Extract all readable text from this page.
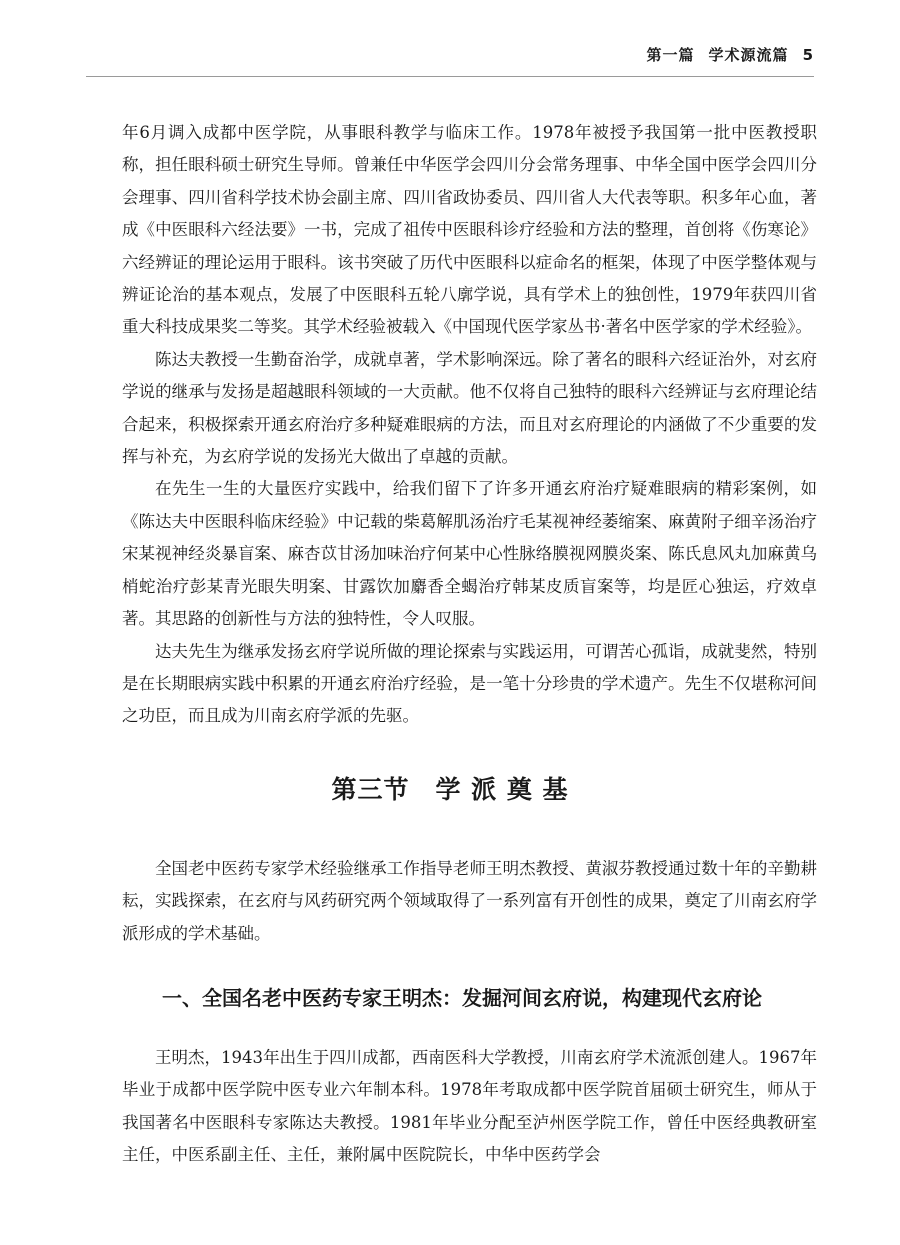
第一篇 学术源流篇 5

年6月调入成都中医学院，从事眼科教学与临床工作。1978年被授予我国第一批中医教授职称，担任眼科硕士研究生导师。曾兼任中华医学会四川分会常务理事、中华全国中医学会四川分会理事、四川省科学技术协会副主席、四川省政协委员、四川省人大代表等职。积多年心血，著成《中医眼科六经法要》一书，完成了祖传中医眼科诊疗经验和方法的整理，首创将《伤寒论》六经辨证的理论运用于眼科。该书突破了历代中医眼科以症命名的框架，体现了中医学整体观与辨证论治的基本观点，发展了中医眼科五轮八廓学说，具有学术上的独创性，1979年获四川省重大科技成果奖二等奖。其学术经验被载入《中国现代医学家丛书·著名中医学家的学术经验》。

陈达夫教授一生勤奋治学，成就卓著，学术影响深远。除了著名的眼科六经证治外，对玄府学说的继承与发扬是超越眼科领域的一大贡献。他不仅将自己独特的眼科六经辨证与玄府理论结合起来，积极探索开通玄府治疗多种疑难眼病的方法，而且对玄府理论的内涵做了不少重要的发挥与补充，为玄府学说的发扬光大做出了卓越的贡献。

在先生一生的大量医疗实践中，给我们留下了许多开通玄府治疗疑难眼病的精彩案例，如《陈达夫中医眼科临床经验》中记载的柴葛解肌汤治疗毛某视神经萎缩案、麻黄附子细辛汤治疗宋某视神经炎暴盲案、麻杏苡甘汤加味治疗何某中心性脉络膜视网膜炎案、陈氏息风丸加麻黄乌梢蛇治疗彭某青光眼失明案、甘露饮加麝香全蝎治疗韩某皮质盲案等，均是匠心独运，疗效卓著。其思路的创新性与方法的独特性，令人叹服。

达夫先生为继承发扬玄府学说所做的理论探索与实践运用，可谓苦心孤诣，成就斐然，特别是在长期眼病实践中积累的开通玄府治疗经验，是一笔十分珍贵的学术遗产。先生不仅堪称河间之功臣，而且成为川南玄府学派的先驱。

第三节　学 派 奠 基

全国老中医药专家学术经验继承工作指导老师王明杰教授、黄淑芬教授通过数十年的辛勤耕耘，实践探索，在玄府与风药研究两个领域取得了一系列富有开创性的成果，奠定了川南玄府学派形成的学术基础。

一、全国名老中医药专家王明杰：发掘河间玄府说，构建现代玄府论

王明杰，1943年出生于四川成都，西南医科大学教授，川南玄府学术流派创建人。1967年毕业于成都中医学院中医专业六年制本科。1978年考取成都中医学院首届硕士研究生，师从于我国著名中医眼科专家陈达夫教授。1981年毕业分配至泸州医学院工作，曾任中医经典教研室主任，中医系副主任、主任，兼附属中医院院长，中华中医药学会
